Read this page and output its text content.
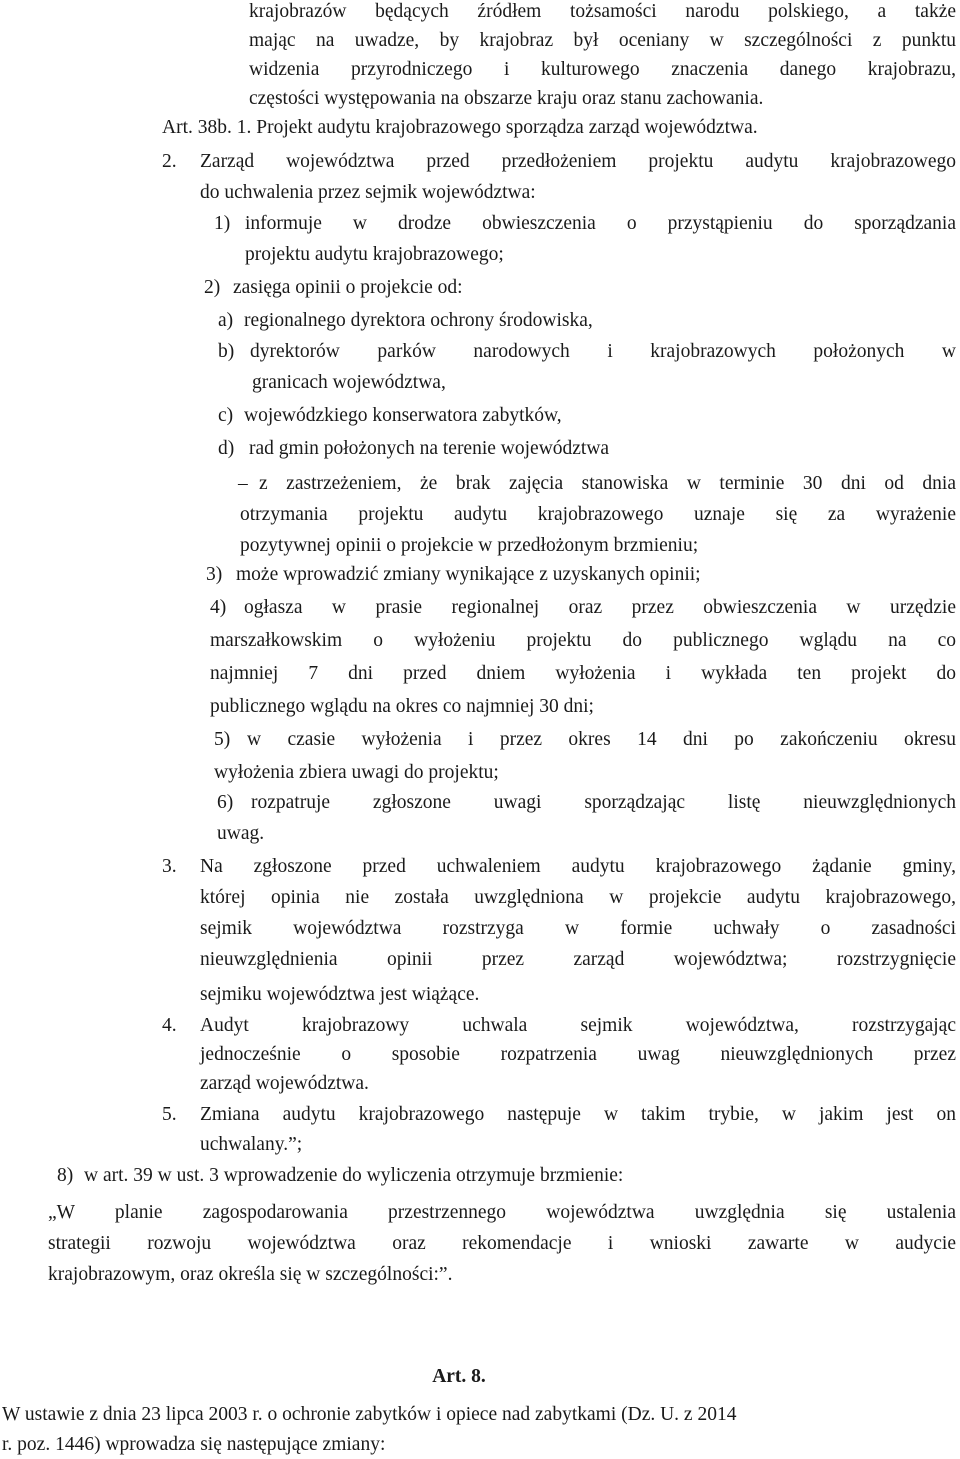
krajobrazów będących źródłem tożsamości narodu polskiego, a także
mając na uwadze, by krajobraz był oceniany w szczególności z punktu
widzenia przyrodniczego i kulturowego znaczenia danego krajobrazu,
częstości występowania na obszarze kraju oraz stanu zachowania.
Art. 38b. 1. Projekt audytu krajobrazowego sporządza zarząd województwa.
2. Zarząd województwa przed przedłożeniem projektu audytu krajobrazowego
do uchwalenia przez sejmik województwa:
1) informuje w drodze obwieszczenia o przystąpieniu do sporządzania
projektu audytu krajobrazowego;
2) zasięga opinii o projekcie od:
a) regionalnego dyrektora ochrony środowiska,
b) dyrektorów parków narodowych i krajobrazowych położonych w
granicach województwa,
c) wojewódzkiego konserwatora zabytków,
d) rad gmin położonych na terenie województwa
– z zastrzeżeniem, że brak zajęcia stanowiska w terminie 30 dni od dnia
otrzymania projektu audytu krajobrazowego uznaje się za wyrażenie
pozytywnej opinii o projekcie w przedłożonym brzmieniu;
3) może wprowadzić zmiany wynikające z uzyskanych opinii;
4) ogłasza w prasie regionalnej oraz przez obwieszczenia w urzędzie
marszałkowskim o wyłożeniu projektu do publicznego wglądu na co
najmniej 7 dni przed dniem wyłożenia i wykłada ten projekt do
publicznego wglądu na okres co najmniej 30 dni;
5) w czasie wyłożenia i przez okres 14 dni po zakończeniu okresu
wyłożenia zbiera uwagi do projektu;
6) rozpatruje zgłoszone uwagi sporządzając listę nieuwzględnionych
uwag.
3. Na zgłoszone przed uchwaleniem audytu krajobrazowego żądanie gminy,
której opinia nie została uwzględniona w projekcie audytu krajobrazowego,
sejmik województwa rozstrzyga w formie uchwały o zasadności
nieuwzględnienia opinii przez zarząd województwa; rozstrzygnięcie
sejmiku województwa jest wiążące.
4. Audyt krajobrazowy uchwala sejmik województwa, rozstrzygając
jednocześnie o sposobie rozpatrzenia uwag nieuwzględnionych przez
zarząd województwa.
5. Zmiana audytu krajobrazowego następuje w takim trybie, w jakim jest on
uchwalany.”;
8) w art. 39 w ust. 3 wprowadzenie do wyliczenia otrzymuje brzmienie:
„W planie zagospodarowania przestrzennego województwa uwzględnia się ustalenia
strategii rozwoju województwa oraz rekomendacje i wnioski zawarte w audycie
krajobrazowym, oraz określa się w szczególności:”.
Art. 8.
W ustawie z dnia 23 lipca 2003 r. o ochronie zabytków i opiece nad zabytkami (Dz. U. z 2014
r. poz. 1446) wprowadza się następujące zmiany:
